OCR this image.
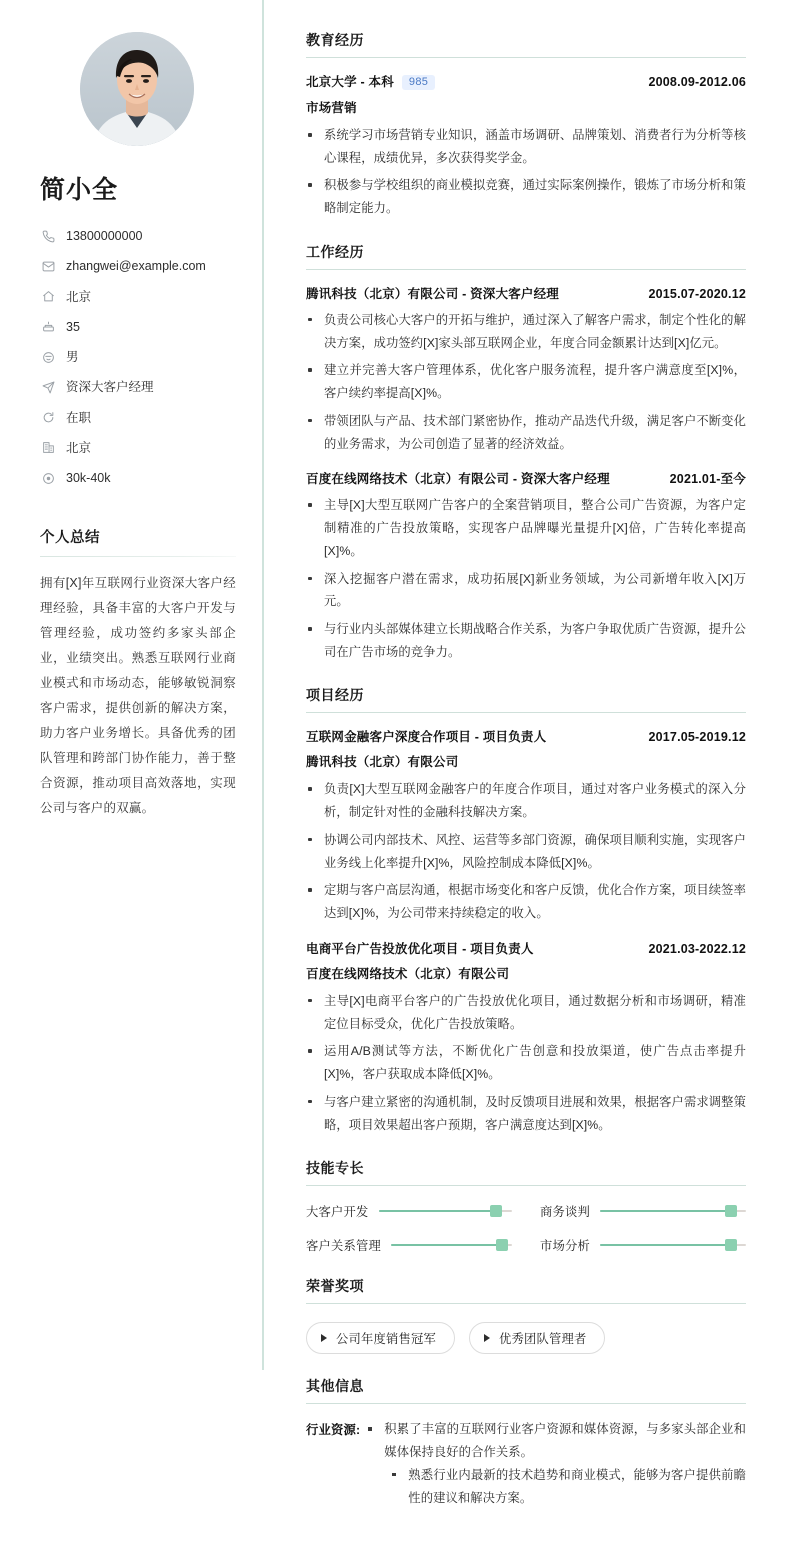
简小全
13800000000
zhangwei@example.com
北京
35
男
资深大客户经理
在职
北京
30k-40k
个人总结

拥有[X]年互联网行业资深大客户经理经验，具备丰富的大客户开发与管理经验，成功签约多家头部企业，业绩突出。熟悉互联网行业商业模式和市场动态，能够敏锐洞察客户需求，提供创新的解决方案，助力客户业务增长。具备优秀的团队管理和跨部门协作能力，善于整合资源，推动项目高效落地，实现公司与客户的双赢。

教育经历
北京大学 - 本科 985	2008.09-2012.06
市场营销
系统学习市场营销专业知识，涵盖市场调研、品牌策划、消费者行为分析等核心课程，成绩优异，多次获得奖学金。
积极参与学校组织的商业模拟竞赛，通过实际案例操作，锻炼了市场分析和策略制定能力。
工作经历
腾讯科技（北京）有限公司 - 资深大客户经理	2015.07-2020.12
负责公司核心大客户的开拓与维护，通过深入了解客户需求，制定个性化的解决方案，成功签约[X]家头部互联网企业，年度合同金额累计达到[X]亿元。
建立并完善大客户管理体系，优化客户服务流程，提升客户满意度至[X]%，客户续约率提高[X]%。
带领团队与产品、技术部门紧密协作，推动产品迭代升级，满足客户不断变化的业务需求，为公司创造了显著的经济效益。
百度在线网络技术（北京）有限公司 - 资深大客户经理	2021.01-至今
主导[X]大型互联网广告客户的全案营销项目，整合公司广告资源，为客户定制精准的广告投放策略，实现客户品牌曝光量提升[X]倍，广告转化率提高[X]%。
深入挖掘客户潜在需求，成功拓展[X]新业务领域，为公司新增年收入[X]万元。
与行业内头部媒体建立长期战略合作关系，为客户争取优质广告资源，提升公司在广告市场的竞争力。
项目经历
互联网金融客户深度合作项目 - 项目负责人	2017.05-2019.12
腾讯科技（北京）有限公司
负责[X]大型互联网金融客户的年度合作项目，通过对客户业务模式的深入分析，制定针对性的金融科技解决方案。
协调公司内部技术、风控、运营等多部门资源，确保项目顺利实施，实现客户业务线上化率提升[X]%，风险控制成本降低[X]%。
定期与客户高层沟通，根据市场变化和客户反馈，优化合作方案，项目续签率达到[X]%，为公司带来持续稳定的收入。
电商平台广告投放优化项目 - 项目负责人	2021.03-2022.12
百度在线网络技术（北京）有限公司
主导[X]电商平台客户的广告投放优化项目，通过数据分析和市场调研，精准定位目标受众，优化广告投放策略。
运用A/B测试等方法，不断优化广告创意和投放渠道，使广告点击率提升[X]%，客户获取成本降低[X]%。
与客户建立紧密的沟通机制，及时反馈项目进展和效果，根据客户需求调整策略，项目效果超出客户预期，客户满意度达到[X]%。
技能专长
大客户开发	商务谈判
客户关系管理	市场分析
荣誉奖项
公司年度销售冠军	优秀团队管理者
其他信息
行业资源:	积累了丰富的互联网行业客户资源和媒体资源，与多家头部企业和媒体保持良好的合作关系。
熟悉行业内最新的技术趋势和商业模式，能够为客户提供前瞻性的建议和解决方案。
